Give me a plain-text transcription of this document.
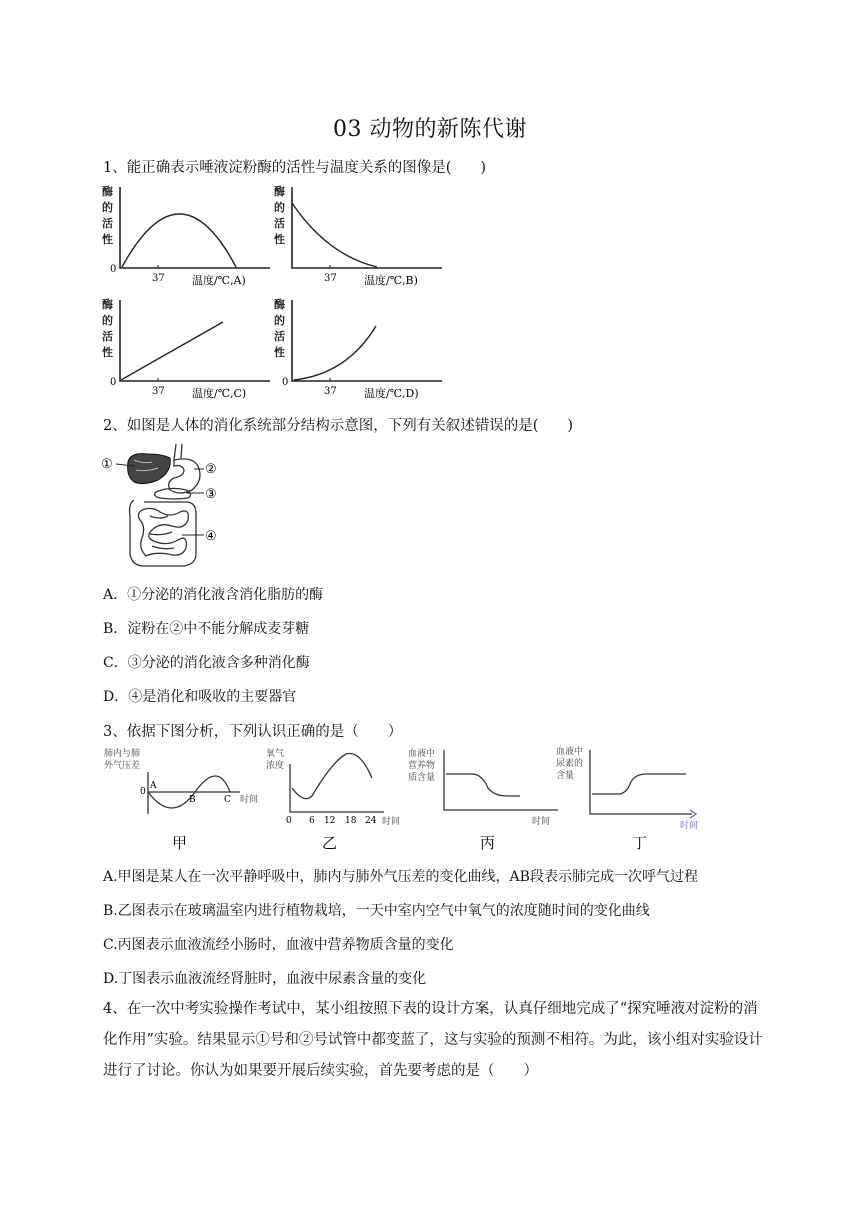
03 动物的新陈代谢
1、能正确表示唾液淀粉酶的活性与温度关系的图像是(　　)
酶
的
活
性
0
37 温度/℃,A)
酶
的
活
性
37 温度/℃,B)
酶
的
活
性
0
37 温度/℃,C)
酶
的
活
性
0
37 温度/℃,D)
2、如图是人体的消化系统部分结构示意图，下列有关叙述错误的是(　　)
①	②
③
④
A．①分泌的消化液含消化脂肪的酶
B．淀粉在②中不能分解成麦芽糖
C．③分泌的消化液含多种消化酶
D．④是消化和吸收的主要器官
3、依据下图分析，下列认识正确的是（　　）
肺内与肺
外气压差
A
0
B	C 时间
甲
氧气
浓度
0 6 12 18 24 时间
乙
血液中
营养物
质含量
时间
丙
血液中
尿素的
含量
时间
丁
A.甲图是某人在一次平静呼吸中，肺内与肺外气压差的变化曲线，AB段表示肺完成一次呼气过程
B.乙图表示在玻璃温室内进行植物栽培，一天中室内空气中氧气的浓度随时间的变化曲线
C.丙图表示血液流经小肠时，血液中营养物质含量的变化
D.丁图表示血液流经肾脏时，血液中尿素含量的变化
4、在一次中考实验操作考试中，某小组按照下表的设计方案，认真仔细地完成了“探究唾液对淀粉的消化作用”实验。结果显示①号和②号试管中都变蓝了，这与实验的预测不相符。为此，该小组对实验设计进行了讨论。你认为如果要开展后续实验，首先要考虑的是（　　）
